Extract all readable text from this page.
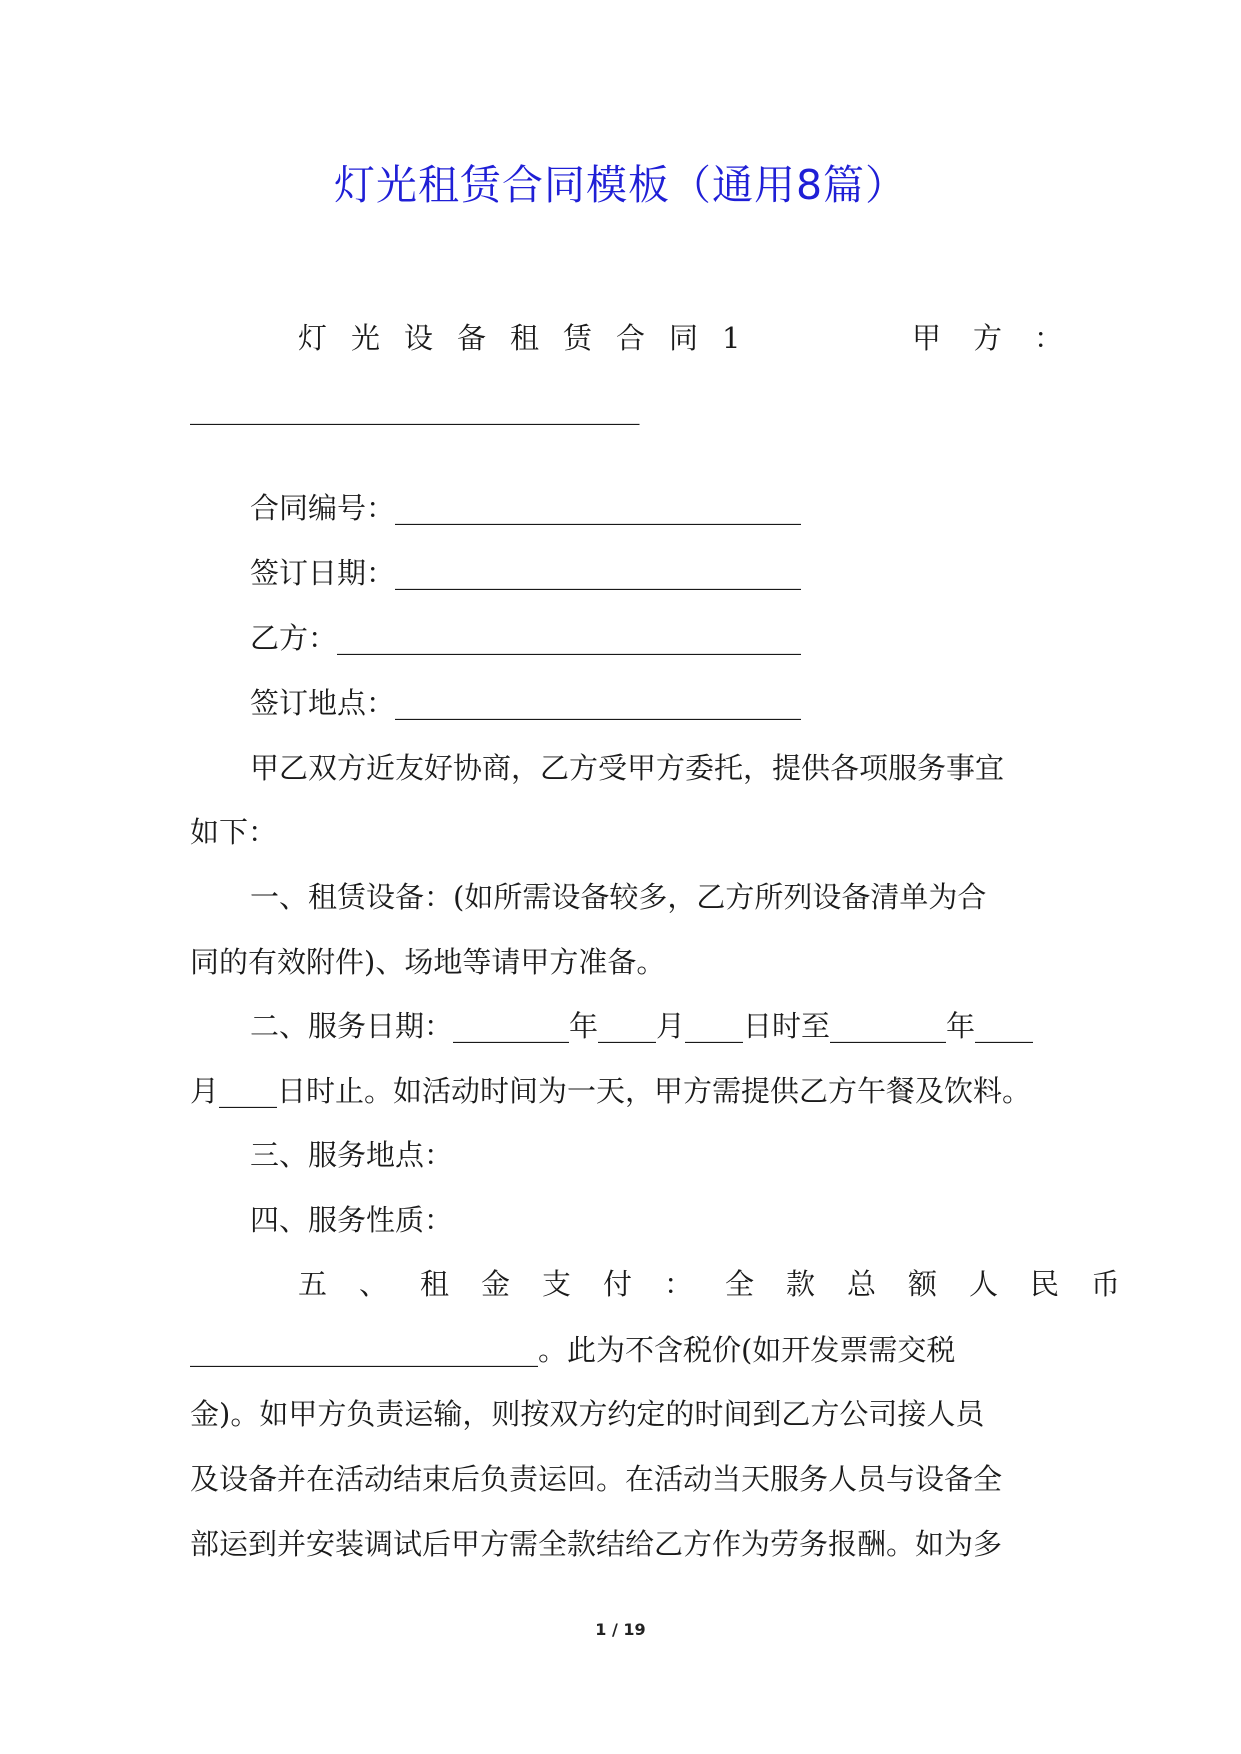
灯光租赁合同模板（通用8篇）
灯光设备租赁合同1	甲方：
_______________________________
合同编号：____________________________
签订日期：____________________________
乙方：________________________________
签订地点：____________________________
甲乙双方近友好协商，乙方受甲方委托，提供各项服务事宜
如下：
一、租赁设备：(如所需设备较多，乙方所列设备清单为合
同的有效附件)、场地等请甲方准备。
二、服务日期：________年____月____日时至________年____
月____日时止。如活动时间为一天，甲方需提供乙方午餐及饮料。
三、服务地点：
四、服务性质：
五、租金支付：全款总额人民币
________________________。此为不含税价(如开发票需交税
金)。如甲方负责运输，则按双方约定的时间到乙方公司接人员
及设备并在活动结束后负责运回。在活动当天服务人员与设备全
部运到并安装调试后甲方需全款结给乙方作为劳务报酬。如为多
1 / 19
